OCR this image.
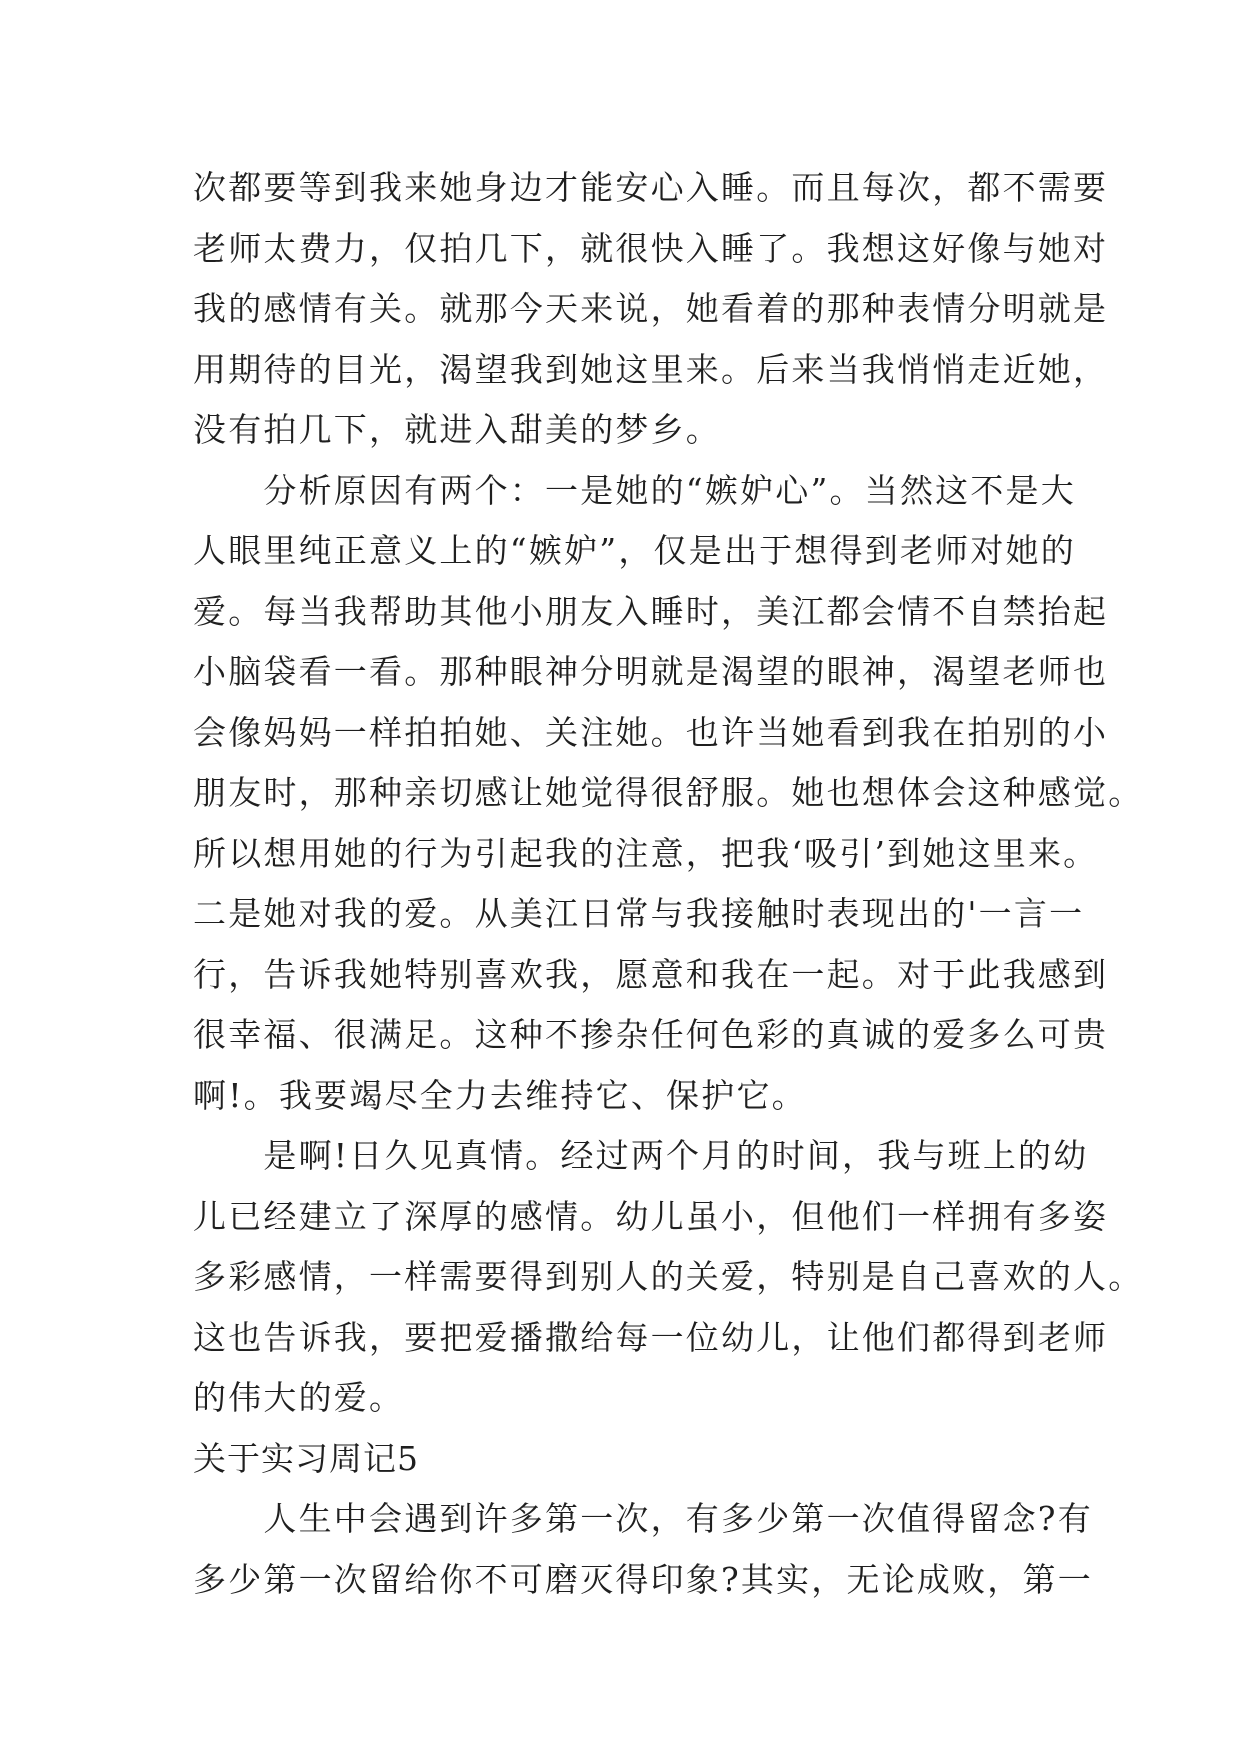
次都要等到我来她身边才能安心入睡。而且每次，都不需要
老师太费力，仅拍几下，就很快入睡了。我想这好像与她对
我的感情有关。就那今天来说，她看着的那种表情分明就是
用期待的目光，渴望我到她这里来。后来当我悄悄走近她，
没有拍几下，就进入甜美的梦乡。
　　分析原因有两个：一是她的“嫉妒心”。当然这不是大
人眼里纯正意义上的“嫉妒”，仅是出于想得到老师对她的
爱。每当我帮助其他小朋友入睡时，美江都会情不自禁抬起
小脑袋看一看。那种眼神分明就是渴望的眼神，渴望老师也
会像妈妈一样拍拍她、关注她。也许当她看到我在拍别的小
朋友时，那种亲切感让她觉得很舒服。她也想体会这种感觉。
所以想用她的行为引起我的注意，把我‘吸引’到她这里来。
二是她对我的爱。从美江日常与我接触时表现出的'一言一
行，告诉我她特别喜欢我，愿意和我在一起。对于此我感到
很幸福、很满足。这种不掺杂任何色彩的真诚的爱多么可贵
啊!。我要竭尽全力去维持它、保护它。
　　是啊!日久见真情。经过两个月的时间，我与班上的幼
儿已经建立了深厚的感情。幼儿虽小，但他们一样拥有多姿
多彩感情，一样需要得到别人的关爱，特别是自己喜欢的人。
这也告诉我，要把爱播撒给每一位幼儿，让他们都得到老师
的伟大的爱。
关于实习周记5
　　人生中会遇到许多第一次，有多少第一次值得留念?有
多少第一次留给你不可磨灭得印象?其实，无论成败，第一
